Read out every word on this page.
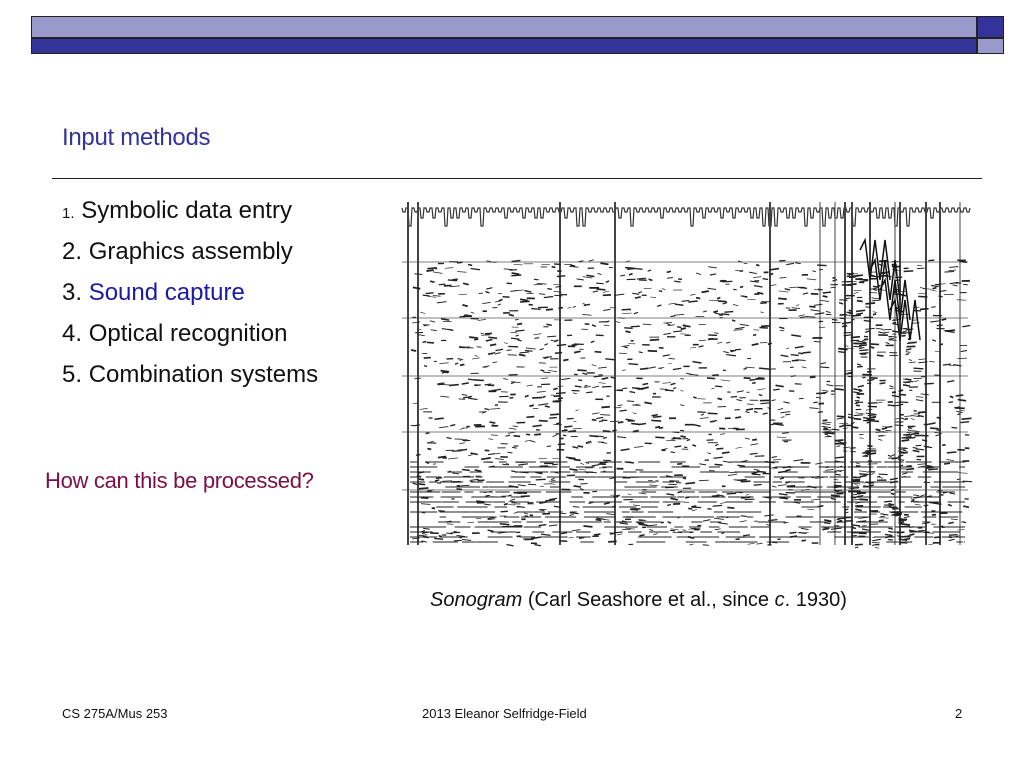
Input methods
1. Symbolic data entry
2. Graphics assembly
3. Sound capture
4. Optical recognition
5. Combination systems
How can this be processed?
Sonogram (Carl Seashore et al., since c. 1930)
CS 275A/Mus 253	2013 Eleanor Selfridge-Field	2
